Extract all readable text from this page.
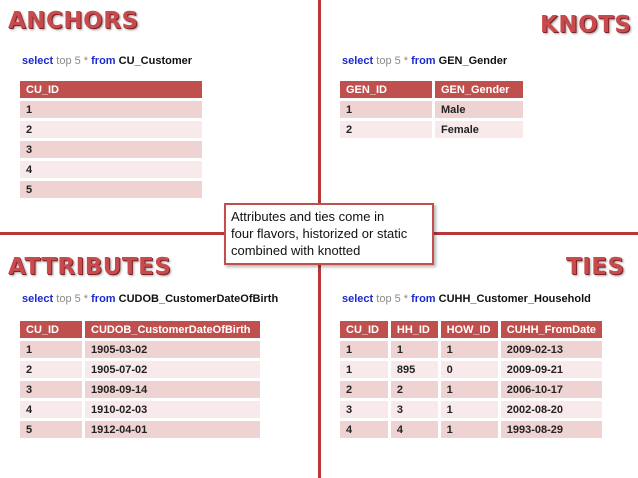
ANCHORS	KNOTS
ATTRIBUTES	TIES
select top 5 * from CU_Customer	select top 5 * from GEN_Gender
select top 5 * from CUDOB_CustomerDateOfBirth	select top 5 * from CUHH_Customer_Household
CU_ID
1
2
3
4
5
GEN_ID	GEN_Gender
1	Male
2	Female
CU_ID	CUDOB_CustomerDateOfBirth
1	1905-03-02
2	1905-07-02
3	1908-09-14
4	1910-02-03
5	1912-04-01
CU_ID	HH_ID	HOW_ID	CUHH_FromDate
1	1	1	2009-02-13
1	895	0	2009-09-21
2	2	1	2006-10-17
3	3	1	2002-08-20
4	4	1	1993-08-29
Attributes and ties come in
four flavors, historized or static
combined with knotted
